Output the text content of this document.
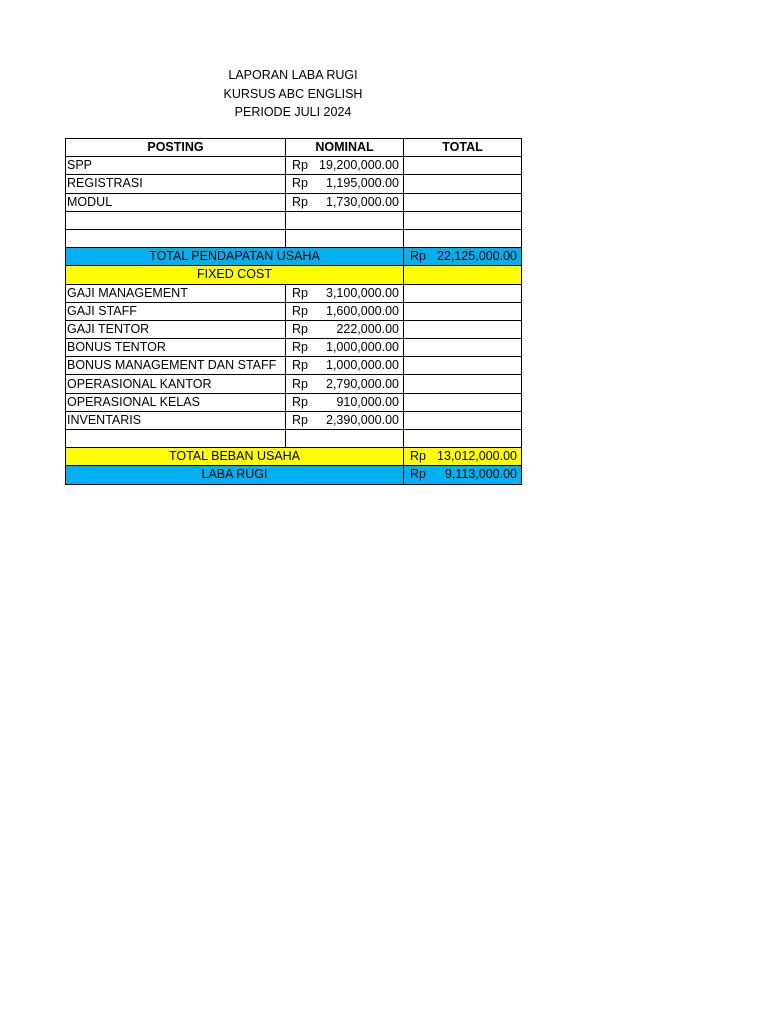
LAPORAN LABA RUGI
KURSUS ABC ENGLISH
PERIODE JULI 2024
POSTING	NOMINAL	TOTAL
SPP	Rp 19,200,000.00	

REGISTRASI	Rp 1,195,000.00	

MODUL	Rp 1,730,000.00	

TOTAL PENDAPATAN USAHA		Rp 22,125,000.00

FIXED COST		
GAJI MANAGEMENT	Rp 3,100,000.00	

GAJI STAFF	Rp 1,600,000.00	

GAJI TENTOR	Rp 222,000.00	

BONUS TENTOR	Rp 1,000,000.00	

BONUS MANAGEMENT DAN STAFF	Rp 1,000,000.00	

OPERASIONAL KANTOR	Rp 2,790,000.00	

OPERASIONAL KELAS	Rp 910,000.00	

INVENTARIS	Rp 2,390,000.00	

TOTAL BEBAN USAHA		Rp 13,012,000.00

LABA RUGI		Rp 9,113,000.00
